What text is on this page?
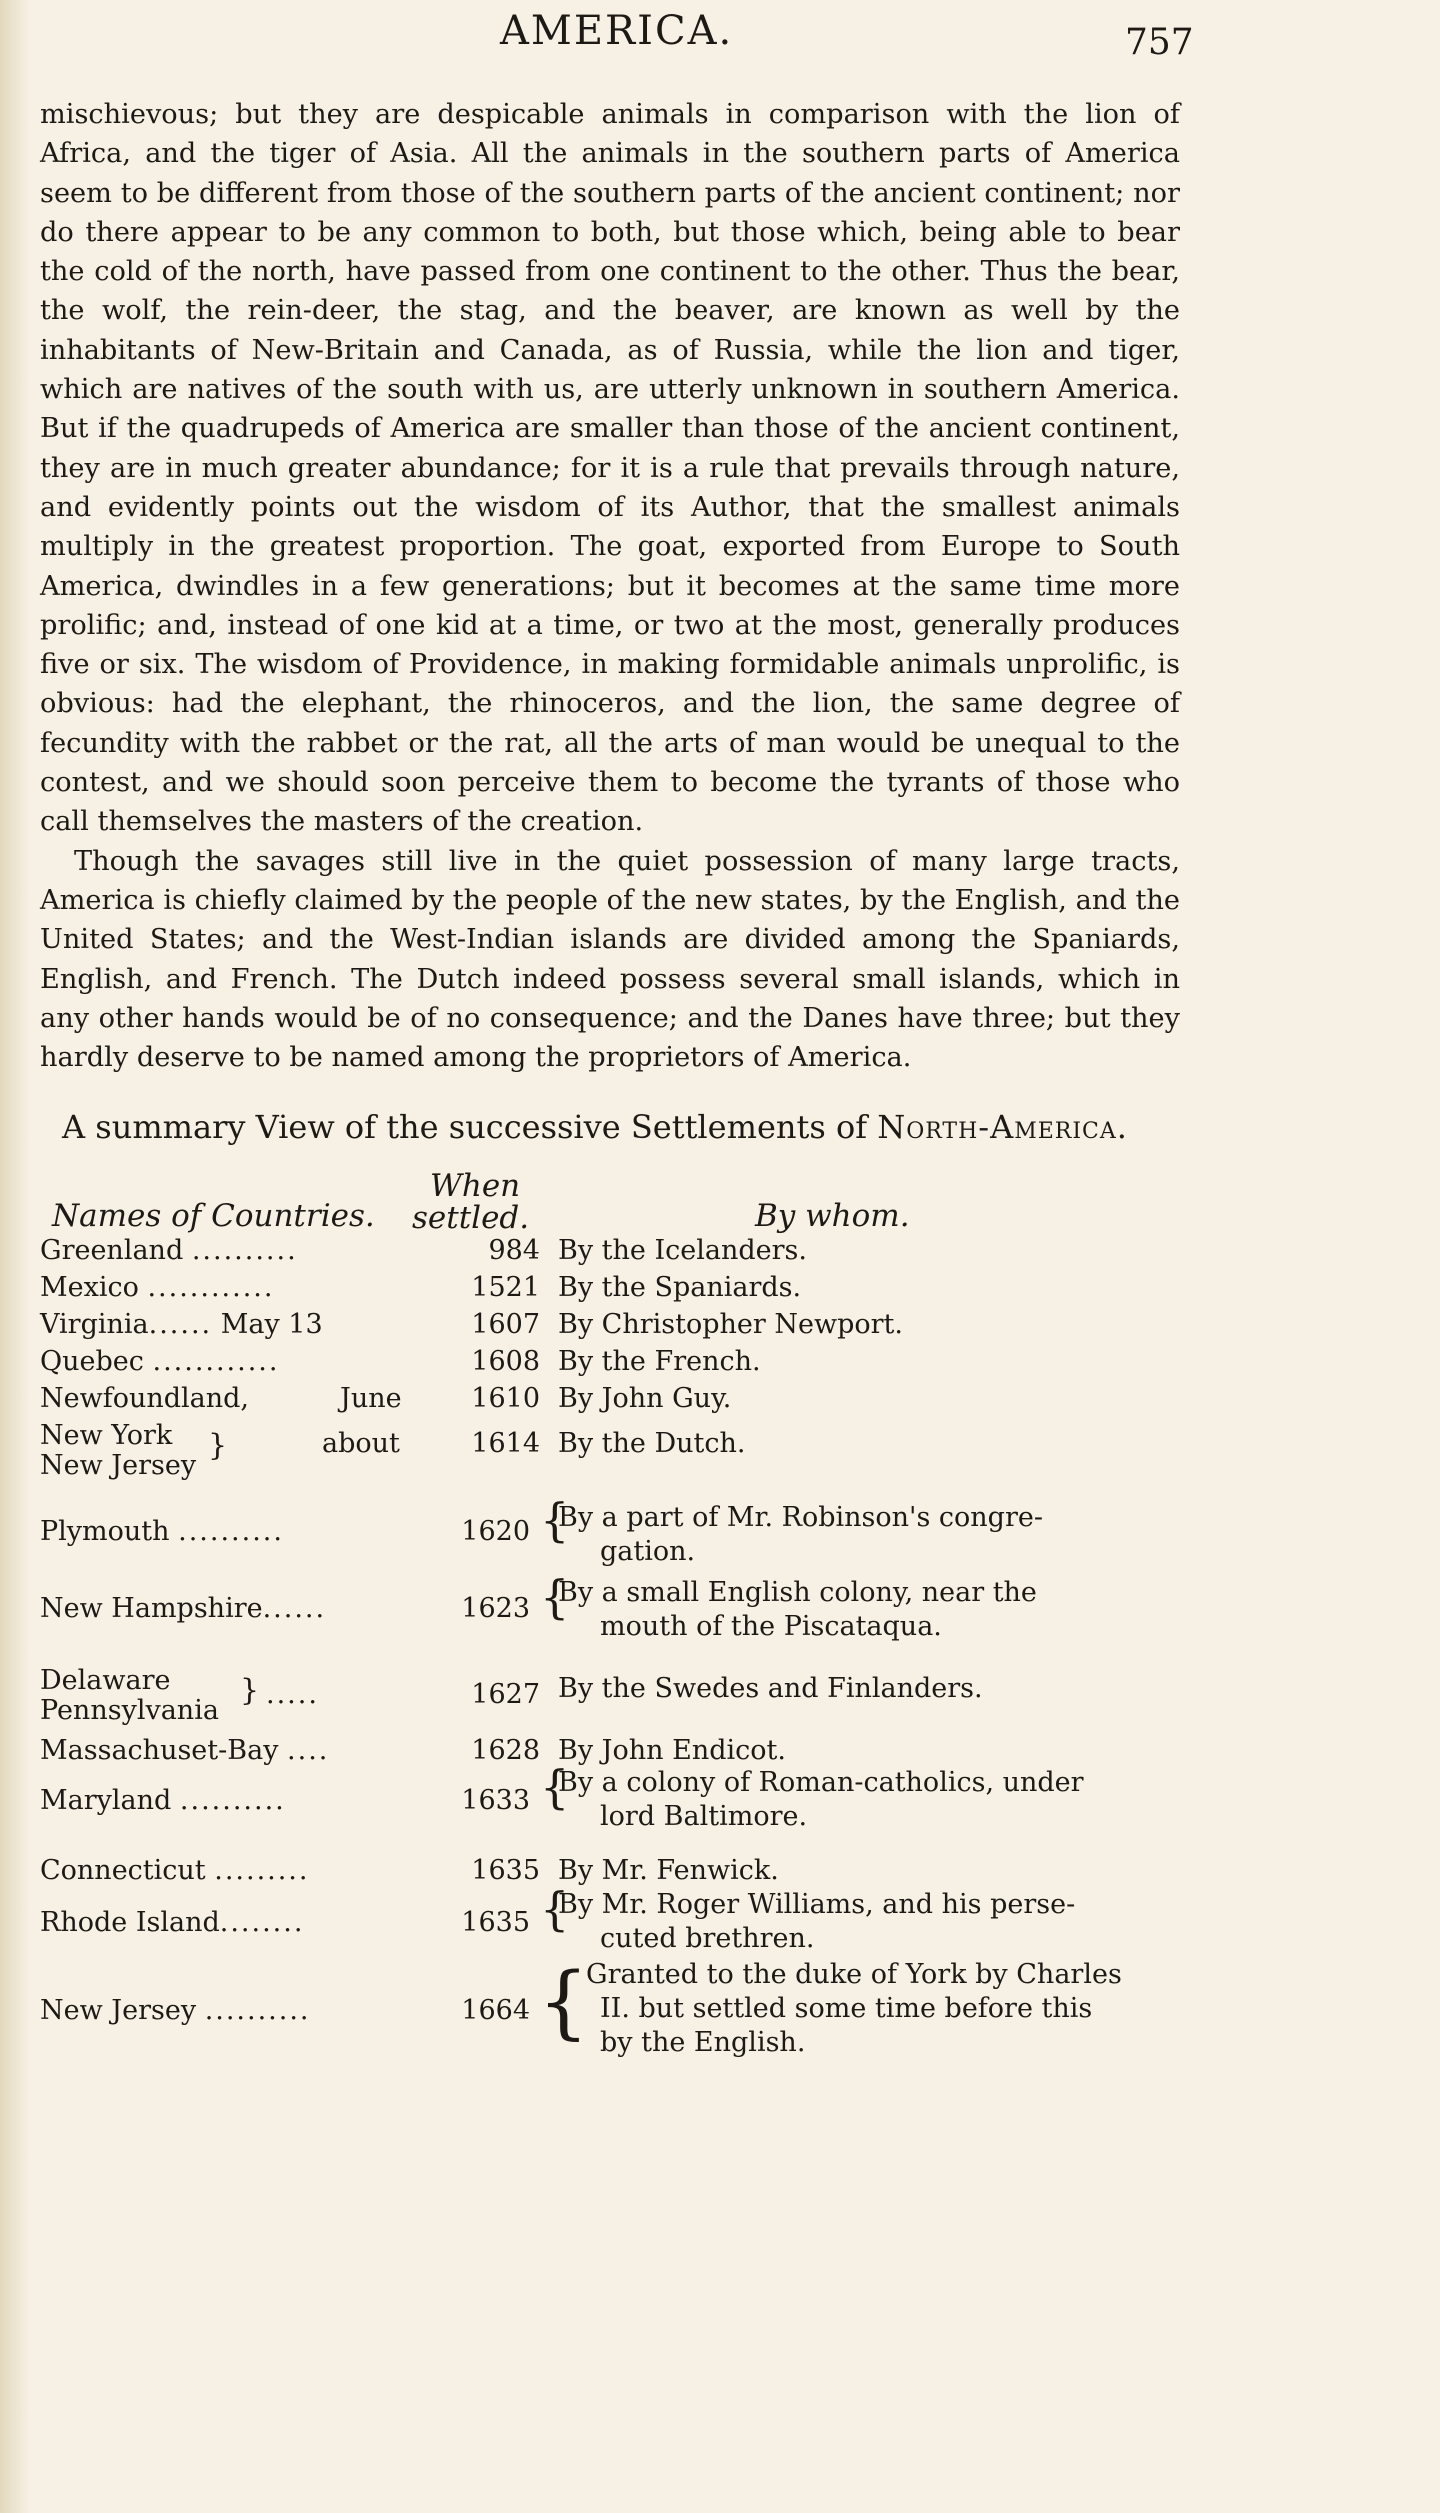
AMERICA.	757

mischievous; but they are despicable animals in comparison with the lion of Africa, and the tiger of Asia. All the animals in the southern parts of America seem to be different from those of the southern parts of the ancient continent; nor do there appear to be any common to both, but those which, being able to bear the cold of the north, have passed from one continent to the other. Thus the bear, the wolf, the rein-deer, the stag, and the beaver, are known as well by the inhabitants of New-Britain and Canada, as of Russia, while the lion and tiger, which are natives of the south with us, are utterly unknown in southern America. But if the quadrupeds of America are smaller than those of the ancient continent, they are in much greater abundance; for it is a rule that prevails through nature, and evidently points out the wisdom of its Author, that the smallest animals multiply in the greatest proportion. The goat, exported from Europe to South America, dwindles in a few generations; but it becomes at the same time more prolific; and, instead of one kid at a time, or two at the most, generally produces five or six. The wisdom of Providence, in making formidable animals unprolific, is obvious: had the elephant, the rhinoceros, and the lion, the same degree of fecundity with the rabbet or the rat, all the arts of man would be unequal to the contest, and we should soon perceive them to become the tyrants of those who call themselves the masters of the creation.

Though the savages still live in the quiet possession of many large tracts, America is chiefly claimed by the people of the new states, by the English, and the United States; and the West-Indian islands are divided among the Spaniards, English, and French. The Dutch indeed possess several small islands, which in any other hands would be of no consequence; and the Danes have three; but they hardly deserve to be named among the proprietors of America.

A summary View of the successive Settlements of North-America.
Names of Countries.
When
settled.	By whom.
Greenland ..........	984 By the Icelanders.
Mexico ............	1521 By the Spaniards.
Virginia...... May 13	1607 By Christopher Newport.
Quebec ............	1608 By the French.
Newfoundland,	June	1610 By John Guy.
New York
New Jersey
}	about	1614 By the Dutch.
Plymouth ..........	1620 {
By a part of Mr. Robinson's congre-
gation.
New Hampshire......	1623 {
By a small English colony, near the
mouth of the Piscataqua.
Delaware
Pennsylvania
} .....	1627 By the Swedes and Finlanders.
Massachuset-Bay ....	1628 By John Endicot.
Maryland ..........	1633 {
By a colony of Roman-catholics, under
lord Baltimore.
Connecticut .........	1635 By Mr. Fenwick.
Rhode Island........	1635 {
By Mr. Roger Williams, and his perse-
cuted brethren.
New Jersey ..........	1664 {
Granted to the duke of York by Charles
II. but settled some time before this
by the English.
